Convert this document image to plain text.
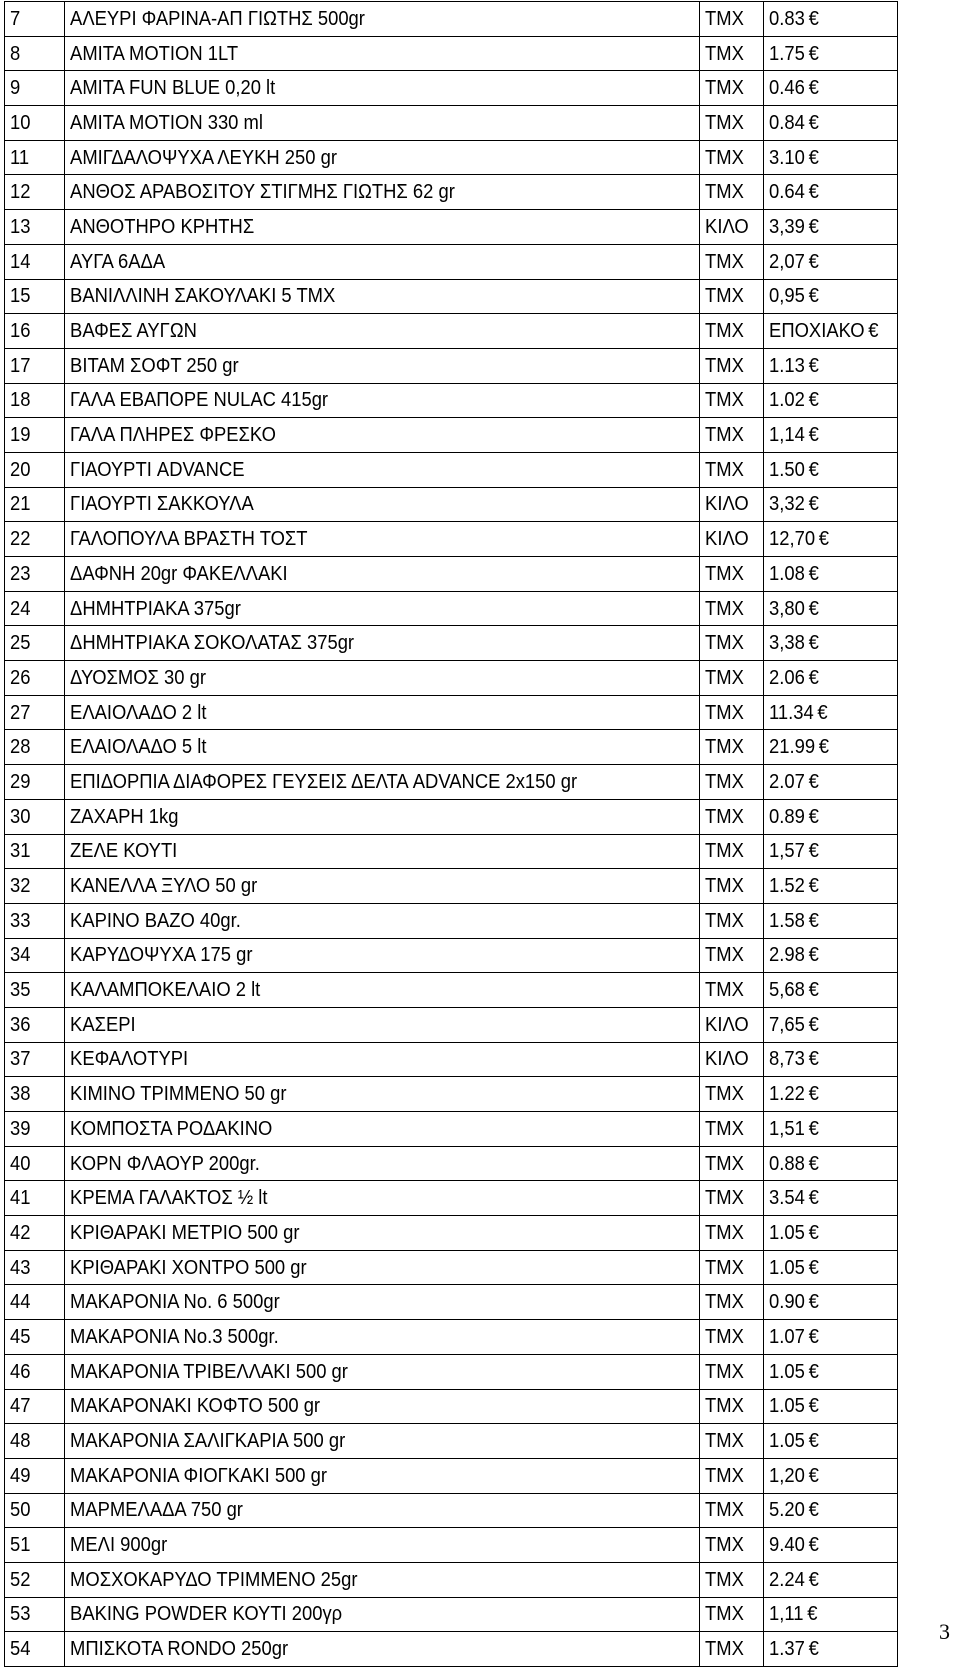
7	ΑΛΕΥΡΙ ΦΑΡΙΝΑ-ΑΠ ΓΙΩΤΗΣ 500gr	ΤΜΧ	0.83 €
8	ΑΜΙΤΑ MOTION 1LT	ΤΜΧ	1.75 €
9	ΑΜΙΤΑ FUN BLUE 0,20 lt	ΤΜΧ	0.46 €
10	ΑΜΙΤΑ MOTION 330 ml	ΤΜΧ	0.84 €
11	ΑΜΙΓΔΑΛΟΨΥΧΑ ΛΕΥΚΗ 250 gr	ΤΜΧ	3.10 €
12	ΑΝΘΟΣ ΑΡΑΒΟΣΙΤΟΥ ΣΤΙΓΜΗΣ ΓΙΩΤΗΣ 62 gr	ΤΜΧ	0.64 €
13	ΑΝΘΟΤΗΡΟ ΚΡΗΤΗΣ	ΚΙΛΟ	3,39 €
14	ΑΥΓΑ 6ΑΔΑ	ΤΜΧ	2,07 €
15	ΒΑΝΙΛΛΙΝΗ ΣΑΚΟΥΛΑΚΙ 5 ΤΜΧ	ΤΜΧ	0,95 €
16	ΒΑΦΕΣ ΑΥΓΩΝ	ΤΜΧ	ΕΠΟΧΙΑΚΟ €
17	ΒΙΤΑΜ ΣΟΦΤ 250 gr	ΤΜΧ	1.13 €
18	ΓΑΛΑ ΕΒΑΠΟΡΕ NULAC 415gr	ΤΜΧ	1.02 €
19	ΓΑΛΑ ΠΛΗΡΕΣ ΦΡΕΣΚΟ	ΤΜΧ	1,14 €
20	ΓΙΑΟΥΡΤΙ ADVANCE	ΤΜΧ	1.50 €
21	ΓΙΑΟΥΡΤΙ ΣΑΚΚΟΥΛΑ	ΚΙΛΟ	3,32 €
22	ΓΑΛΟΠΟΥΛΑ ΒΡΑΣΤΗ ΤΟΣΤ	ΚΙΛΟ	12,70 €
23	ΔΑΦΝΗ 20gr ΦΑΚΕΛΛΑΚΙ	ΤΜΧ	1.08 €
24	ΔΗΜΗΤΡΙΑΚΑ 375gr	ΤΜΧ	3,80 €
25	ΔΗΜΗΤΡΙΑΚΑ ΣΟΚΟΛΑΤΑΣ 375gr	ΤΜΧ	3,38 €
26	ΔΥΟΣΜΟΣ 30 gr	ΤΜΧ	2.06 €
27	ΕΛΑΙΟΛΑΔΟ 2 lt	ΤΜΧ	11.34 €
28	ΕΛΑΙΟΛΑΔΟ 5 lt	ΤΜΧ	21.99 €
29	ΕΠΙΔΟΡΠΙΑ ΔΙΑΦΟΡΕΣ ΓΕΥΣΕΙΣ ΔΕΛΤΑ ADVANCE 2x150 gr	ΤΜΧ	2.07 €
30	ΖΑΧΑΡΗ 1kg	ΤΜΧ	0.89 €
31	ΖΕΛΕ ΚΟΥΤΙ	ΤΜΧ	1,57 €
32	ΚΑΝΕΛΛΑ ΞΥΛΟ 50 gr	ΤΜΧ	1.52 €
33	ΚΑΡΙΝΟ ΒΑΖΟ 40gr.	ΤΜΧ	1.58 €
34	ΚΑΡΥΔΟΨΥΧΑ 175 gr	ΤΜΧ	2.98 €
35	ΚΑΛΑΜΠΟΚΕΛΑΙΟ 2 lt	ΤΜΧ	5,68 €
36	ΚΑΣΕΡΙ	ΚΙΛΟ	7,65 €
37	ΚΕΦΑΛΟΤΥΡΙ	ΚΙΛΟ	8,73 €
38	ΚΙΜΙΝΟ ΤΡΙΜΜΕΝΟ 50 gr	ΤΜΧ	1.22 €
39	ΚΟΜΠΟΣΤΑ ΡΟΔΑΚΙΝΟ	ΤΜΧ	1,51 €
40	ΚΟΡΝ ΦΛΑΟΥΡ 200gr.	ΤΜΧ	0.88 €
41	ΚΡΕΜΑ ΓΑΛΑΚΤΟΣ ½ lt	ΤΜΧ	3.54 €
42	ΚΡΙΘΑΡΑΚΙ ΜΕΤΡΙΟ 500 gr	ΤΜΧ	1.05 €
43	ΚΡΙΘΑΡΑΚΙ ΧΟΝΤΡΟ 500 gr	ΤΜΧ	1.05 €
44	ΜΑΚΑΡΟΝΙΑ No. 6 500gr	ΤΜΧ	0.90 €
45	ΜΑΚΑΡΟΝΙΑ No.3 500gr.	ΤΜΧ	1.07 €
46	ΜΑΚΑΡΟΝΙΑ ΤΡΙΒΕΛΛΑΚΙ 500 gr	ΤΜΧ	1.05 €
47	ΜΑΚΑΡΟΝΑΚΙ ΚΟΦΤΟ 500 gr	ΤΜΧ	1.05 €
48	ΜΑΚΑΡΟΝΙΑ ΣΑΛΙΓΚΑΡΙΑ 500 gr	ΤΜΧ	1.05 €
49	ΜΑΚΑΡΟΝΙΑ ΦΙΟΓΚΑΚΙ 500 gr	ΤΜΧ	1,20 €
50	ΜΑΡΜΕΛΑΔΑ 750 gr	ΤΜΧ	5.20 €
51	ΜΕΛΙ 900gr	ΤΜΧ	9.40 €
52	ΜΟΣΧΟΚΑΡΥΔΟ ΤΡΙΜΜΕΝΟ 25gr	ΤΜΧ	2.24 €
53	BAKING POWDER ΚΟΥΤΙ 200γρ	ΤΜΧ	1,11 €
54	ΜΠΙΣΚΟΤΑ RONDO 250gr	ΤΜΧ	1.37 €
3
